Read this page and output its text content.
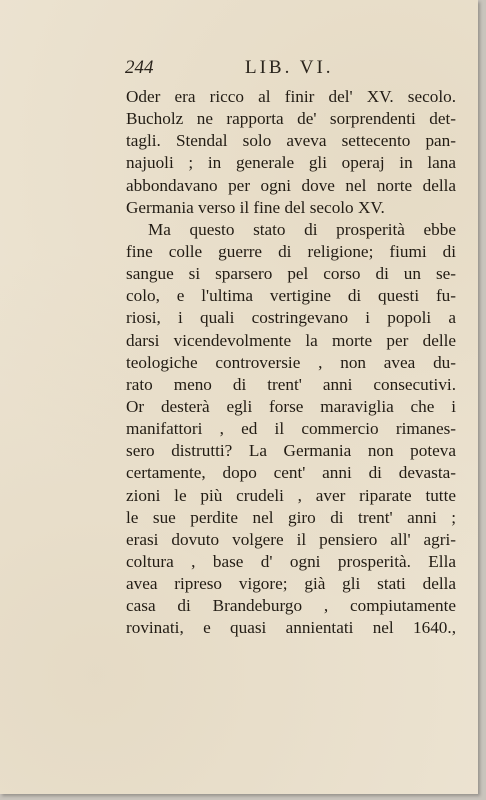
244	LIB. VI.
Oder era ricco al finir del' XV. secolo.
Bucholz ne rapporta de' sorprendenti det-
tagli. Stendal solo aveva settecento pan-
najuoli ; in generale gli operaj in lana
abbondavano per ogni dove nel norte della
Germania verso il fine del secolo XV.
Ma questo stato di prosperità ebbe
fine colle guerre di religione; fiumi di
sangue si sparsero pel corso di un se-
colo, e l'ultima vertigine di questi fu-
riosi, i quali costringevano i popoli a
darsi vicendevolmente la morte per delle
teologiche controversie , non avea du-
rato meno di trent' anni consecutivi.
Or desterà egli forse maraviglia che i
manifattori , ed il commercio rimanes-
sero distrutti? La Germania non poteva
certamente, dopo cent' anni di devasta-
zioni le più crudeli , aver riparate tutte
le sue perdite nel giro di trent' anni ;
erasi dovuto volgere il pensiero all' agri-
coltura , base d' ogni prosperità. Ella
avea ripreso vigore; già gli stati della
casa di Brandeburgo , compiutamente
rovinati, e quasi annientati nel 1640.,
